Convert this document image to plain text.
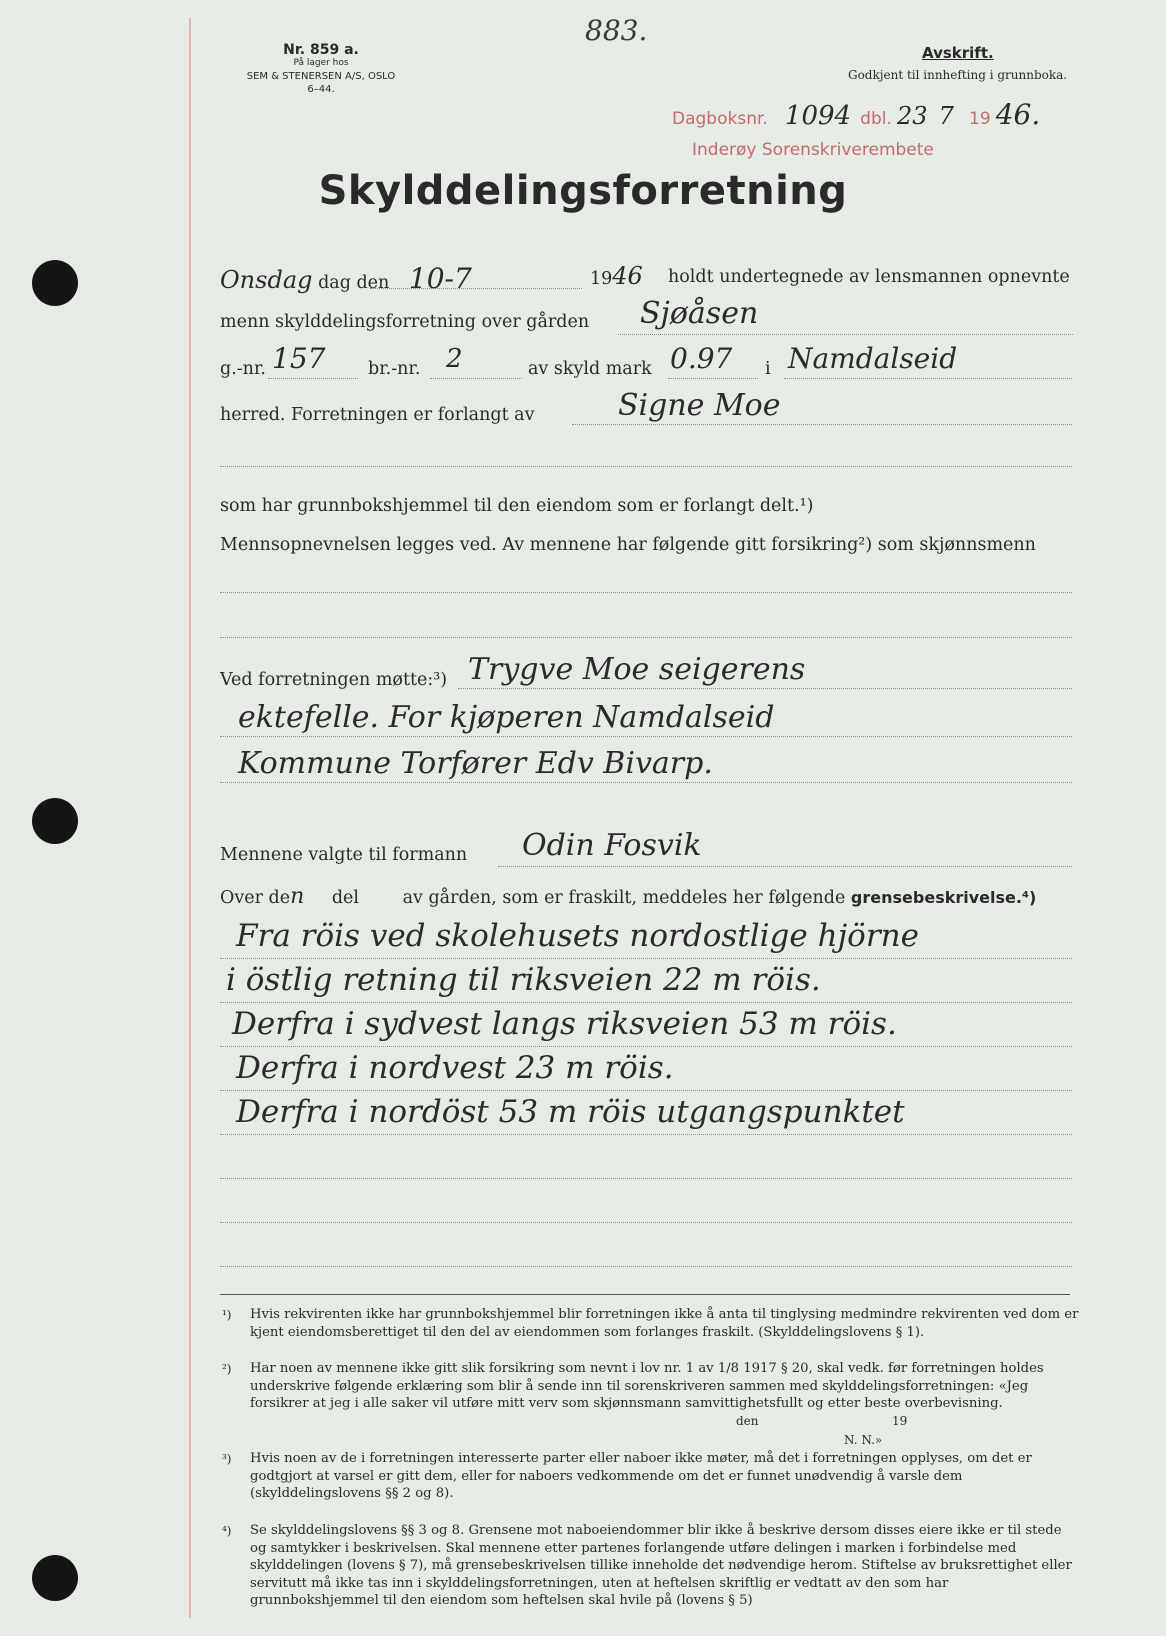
Nr. 859 a.
På lager hos
SEM & STENERSEN A/S, OSLO
6–44.
883.
Avskrift.
Godkjent til innhefting i grunnboka.
Dagboksnr. 1094 dbl. 23 7 19 46.
Inderøy Sorenskriverembete
Skylddelingsforretning
Onsdag dag den 10-7	1946 holdt undertegnede av lensmannen opnevnte
menn skylddelingsforretning over gården Sjøåsen
g.-nr. 157 br.-nr. 2	av skyld mark 0.97 i Namdalseid
herred. Forretningen er forlangt av	Signe Moe
som har grunnbokshjemmel til den eiendom som er forlangt delt.¹)
Mennsopnevnelsen legges ved. Av mennene har følgende gitt forsikring²) som skjønnsmenn
Ved forretningen møtte:³) Trygve Moe seigerens
ektefelle. For kjøperen Namdalseid
Kommune Torfører Edv Bivarp.
Mennene valgte til formann Odin Fosvik
Over den del av gården, som er fraskilt, meddeles her følgende grensebeskrivelse.⁴)
Fra röis ved skolehusets nordostlige hjörne
i östlig retning til riksveien 22 m röis.
Derfra i sydvest langs riksveien 53 m röis.
Derfra i nordvest 23 m röis.
Derfra i nordöst 53 m röis utgangspunktet
¹) Hvis rekvirenten ikke har grunnbokshjemmel blir forretningen ikke å anta til tinglysing medmindre rekvirenten ved dom er kjent eiendomsberettiget til den del av eiendommen som forlanges fraskilt. (Skylddelingslovens § 1).
²) Har noen av mennene ikke gitt slik forsikring som nevnt i lov nr. 1 av 1/8 1917 § 20, skal vedk. før forretningen holdes underskrive følgende erklæring som blir å sende inn til sorenskriveren sammen med skylddelingsforretningen: «Jeg forsikrer at jeg i alle saker vil utføre mitt verv som skjønnsmann samvittighetsfullt og etter beste overbevisning.
den	19
N. N.»
³) Hvis noen av de i forretningen interesserte parter eller naboer ikke møter, må det i forretningen opplyses, om det er godtgjort at varsel er gitt dem, eller for naboers vedkommende om det er funnet unødvendig å varsle dem (skylddelingslovens §§ 2 og 8).
⁴) Se skylddelingslovens §§ 3 og 8. Grensene mot naboeiendommer blir ikke å beskrive dersom disses eiere ikke er til stede og samtykker i beskrivelsen. Skal mennene etter partenes forlangende utføre delingen i marken i forbindelse med skylddelingen (lovens § 7), må grensebeskrivelsen tillike inneholde det nødvendige herom. Stiftelse av bruksrettighet eller servitutt må ikke tas inn i skylddelingsforretningen, uten at heftelsen skriftlig er vedtatt av den som har grunnbokshjemmel til den eiendom som heftelsen skal hvile på (lovens § 5)
